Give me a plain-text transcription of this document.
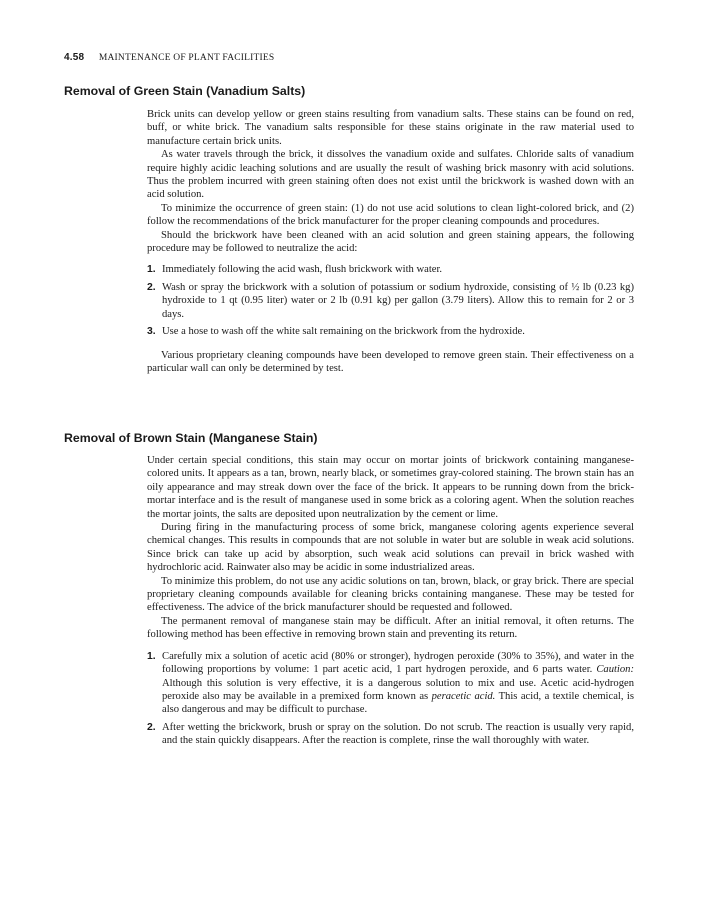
4.58 MAINTENANCE OF PLANT FACILITIES
Removal of Green Stain (Vanadium Salts)

Brick units can develop yellow or green stains resulting from vanadium salts. These stains can be found on red, buff, or white brick. The vanadium salts responsible for these stains originate in the raw material used to manufacture certain brick units.

As water travels through the brick, it dissolves the vanadium oxide and sulfates. Chloride salts of vanadium require highly acidic leaching solutions and are usually the result of washing brick masonry with acid solutions. Thus the problem incurred with green staining often does not exist until the brickwork is washed down with an acid solution.

To minimize the occurrence of green stain: (1) do not use acid solutions to clean light-colored brick, and (2) follow the recommendations of the brick manufacturer for the proper cleaning compounds and procedures.

Should the brickwork have been cleaned with an acid solution and green staining appears, the following procedure may be followed to neutralize the acid:

1. Immediately following the acid wash, flush brickwork with water.
2. Wash or spray the brickwork with a solution of potassium or sodium hydroxide, consisting of ½ lb (0.23 kg) hydroxide to 1 qt (0.95 liter) water or 2 lb (0.91 kg) per gallon (3.79 liters). Allow this to remain for 2 or 3 days.
3. Use a hose to wash off the white salt remaining on the brickwork from the hydroxide.

Various proprietary cleaning compounds have been developed to remove green stain. Their effectiveness on a particular wall can only be determined by test.

Removal of Brown Stain (Manganese Stain)

Under certain special conditions, this stain may occur on mortar joints of brickwork containing manganese-colored units. It appears as a tan, brown, nearly black, or sometimes gray-colored staining. The brown stain has an oily appearance and may streak down over the face of the brick. It appears to be running down from the brick-mortar interface and is the result of manganese used in some brick as a coloring agent. When the solution reaches the mortar joints, the salts are deposited upon neutralization by the cement or lime.

During firing in the manufacturing process of some brick, manganese coloring agents experience several chemical changes. This results in compounds that are not soluble in water but are soluble in weak acid solutions. Since brick can take up acid by absorption, such weak acid solutions can prevail in brick washed with hydrochloric acid. Rainwater also may be acidic in some industrialized areas.

To minimize this problem, do not use any acidic solutions on tan, brown, black, or gray brick. There are special proprietary cleaning compounds available for cleaning bricks containing manganese. These may be tested for effectiveness. The advice of the brick manufacturer should be requested and followed.

The permanent removal of manganese stain may be difficult. After an initial removal, it often returns. The following method has been effective in removing brown stain and preventing its return.

1. Carefully mix a solution of acetic acid (80% or stronger), hydrogen peroxide (30% to 35%), and water in the following proportions by volume: 1 part acetic acid, 1 part hydrogen peroxide, and 6 parts water. Caution: Although this solution is very effective, it is a dangerous solution to mix and use. Acetic acid-hydrogen peroxide also may be available in a premixed form known as peracetic acid. This acid, a textile chemical, is also dangerous and may be difficult to purchase.
2. After wetting the brickwork, brush or spray on the solution. Do not scrub. The reaction is usually very rapid, and the stain quickly disappears. After the reaction is complete, rinse the wall thoroughly with water.
